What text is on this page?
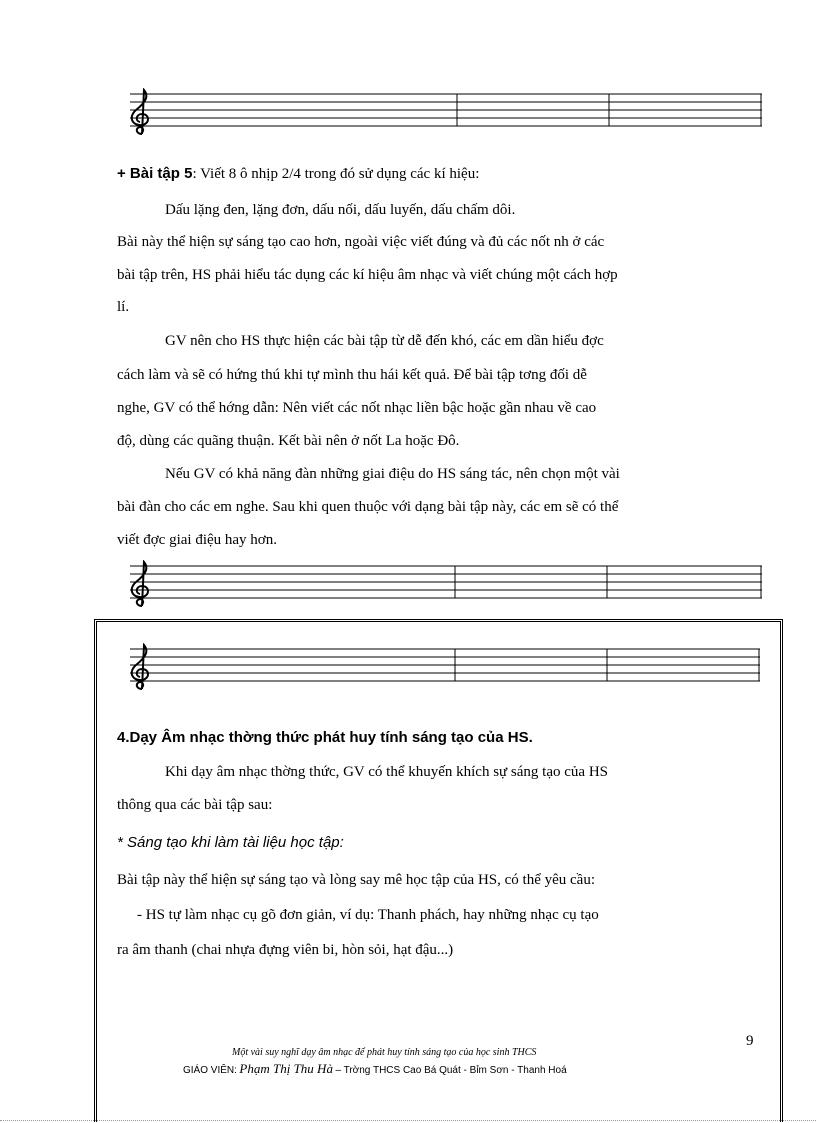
+ Bài tập 5: Viết 8 ô nhịp 2/4 trong đó sử dụng các kí hiệu:
Dấu lặng đen, lặng đơn, dấu nối, dấu luyến, dấu chấm dôi.
Bài này thể hiện sự sáng tạo cao hơn, ngoài việc viết đúng và đủ các nốt nh ở các
bài tập trên, HS phải hiểu tác dụng các kí hiệu âm nhạc và viết chúng một cách hợp
lí.
GV nên cho HS thực hiện các bài tập từ dễ đến khó, các em dần hiểu đợc
cách làm và sẽ có hứng thú khi tự mình thu hái kết quả. Để bài tập tơng đối dễ
nghe, GV có thể hớng dẫn: Nên viết các nốt nhạc liền bậc hoặc gần nhau về cao
độ, dùng các quãng thuận. Kết bài nên ở nốt La hoặc Đô.
Nếu GV có khả năng đàn những giai điệu do HS sáng tác, nên chọn một vài
bài đàn cho các em nghe. Sau khi quen thuộc với dạng bài tập này, các em sẽ có thể
viết đợc giai điệu hay hơn.
4.Dạy Âm nhạc thờng thức phát huy tính sáng tạo của HS.
Khi dạy âm nhạc thờng thức, GV có thể khuyến khích sự sáng tạo của HS
thông qua các bài tập sau:
* Sáng tạo khi làm tài liệu học tập:
Bài tập này thể hiện sự sáng tạo và lòng say mê học tập của HS, có thể yêu cầu:
- HS tự làm nhạc cụ gõ đơn giản, ví dụ: Thanh phách, hay những nhạc cụ tạo
ra âm thanh (chai nhựa đựng viên bi, hòn sỏi, hạt đậu...)
9
Một vài suy nghĩ dạy âm nhạc để phát huy tính sáng tạo của học sinh THCS
GIÁO VIÊN: Phạm Thị Thu Hà – Trờng THCS Cao Bá Quát - Bỉm Sơn - Thanh Hoá
